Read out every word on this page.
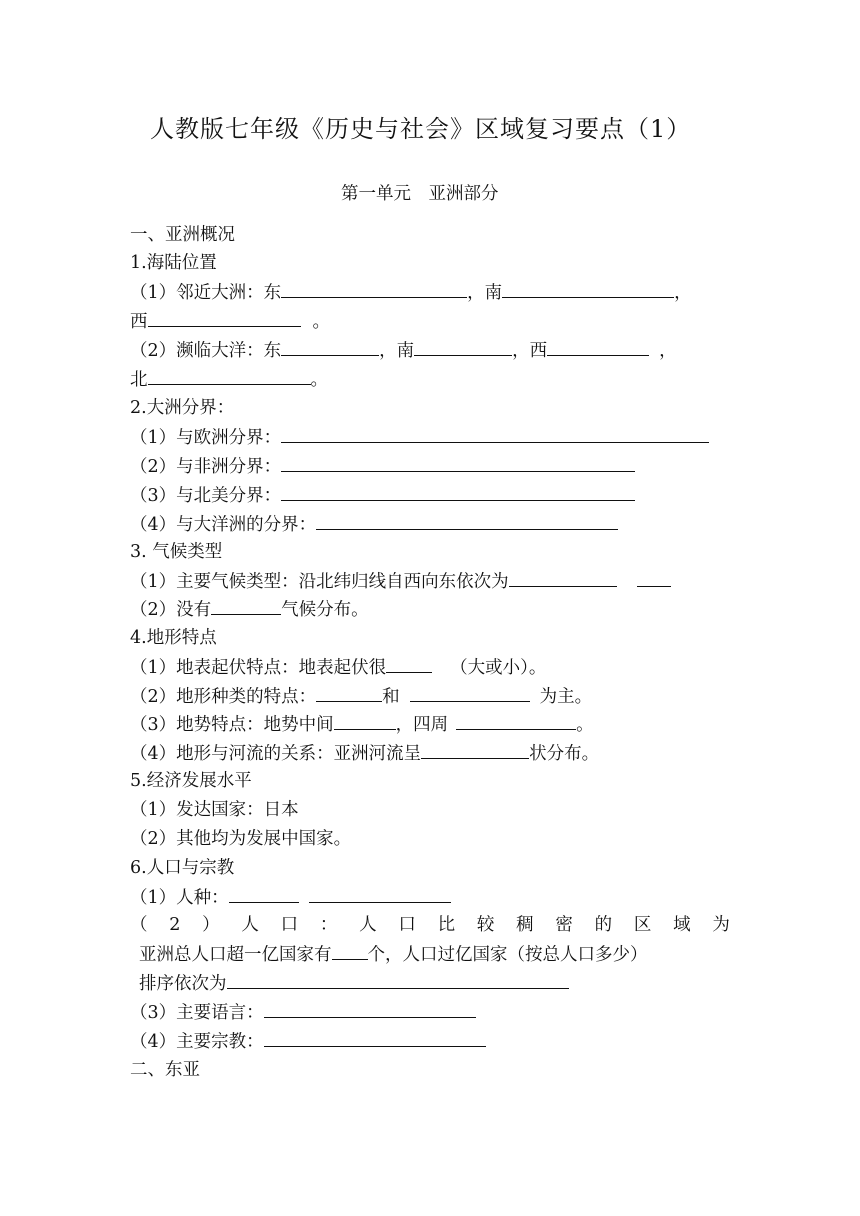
人教版七年级《历史与社会》区域复习要点（1）
第一单元　亚洲部分
一、亚洲概况
1.海陆位置
（1）邻近大洲：东	，南	，
西	。
（2）濒临大洋：东	，南	，西	，
北	。
2.大洲分界：
（1）与欧洲分界：
（2）与非洲分界：
（3）与北美分界：
（4）与大洋洲的分界：
3. 气候类型
（1）主要气候类型：沿北纬归线自西向东依次为
（2）没有	气候分布。
4.地形特点
（1）地表起伏特点：地表起伏很	（大或小）。
（2）地形种类的特点：	和	为主。
（3）地势特点：地势中间	，四周	。
（4）地形与河流的关系：亚洲河流呈	状分布。
5.经济发展水平
（1）发达国家：日本
（2）其他均为发展中国家。
6.人口与宗教
（1）人种：
（ 2 ） 人 口 ： 人 口 比 较 稠 密 的 区 域 为
亚洲总人口超一亿国家有 个，人口过亿国家（按总人口多少）
排序依次为
（3）主要语言：
（4）主要宗教：
二、东亚
